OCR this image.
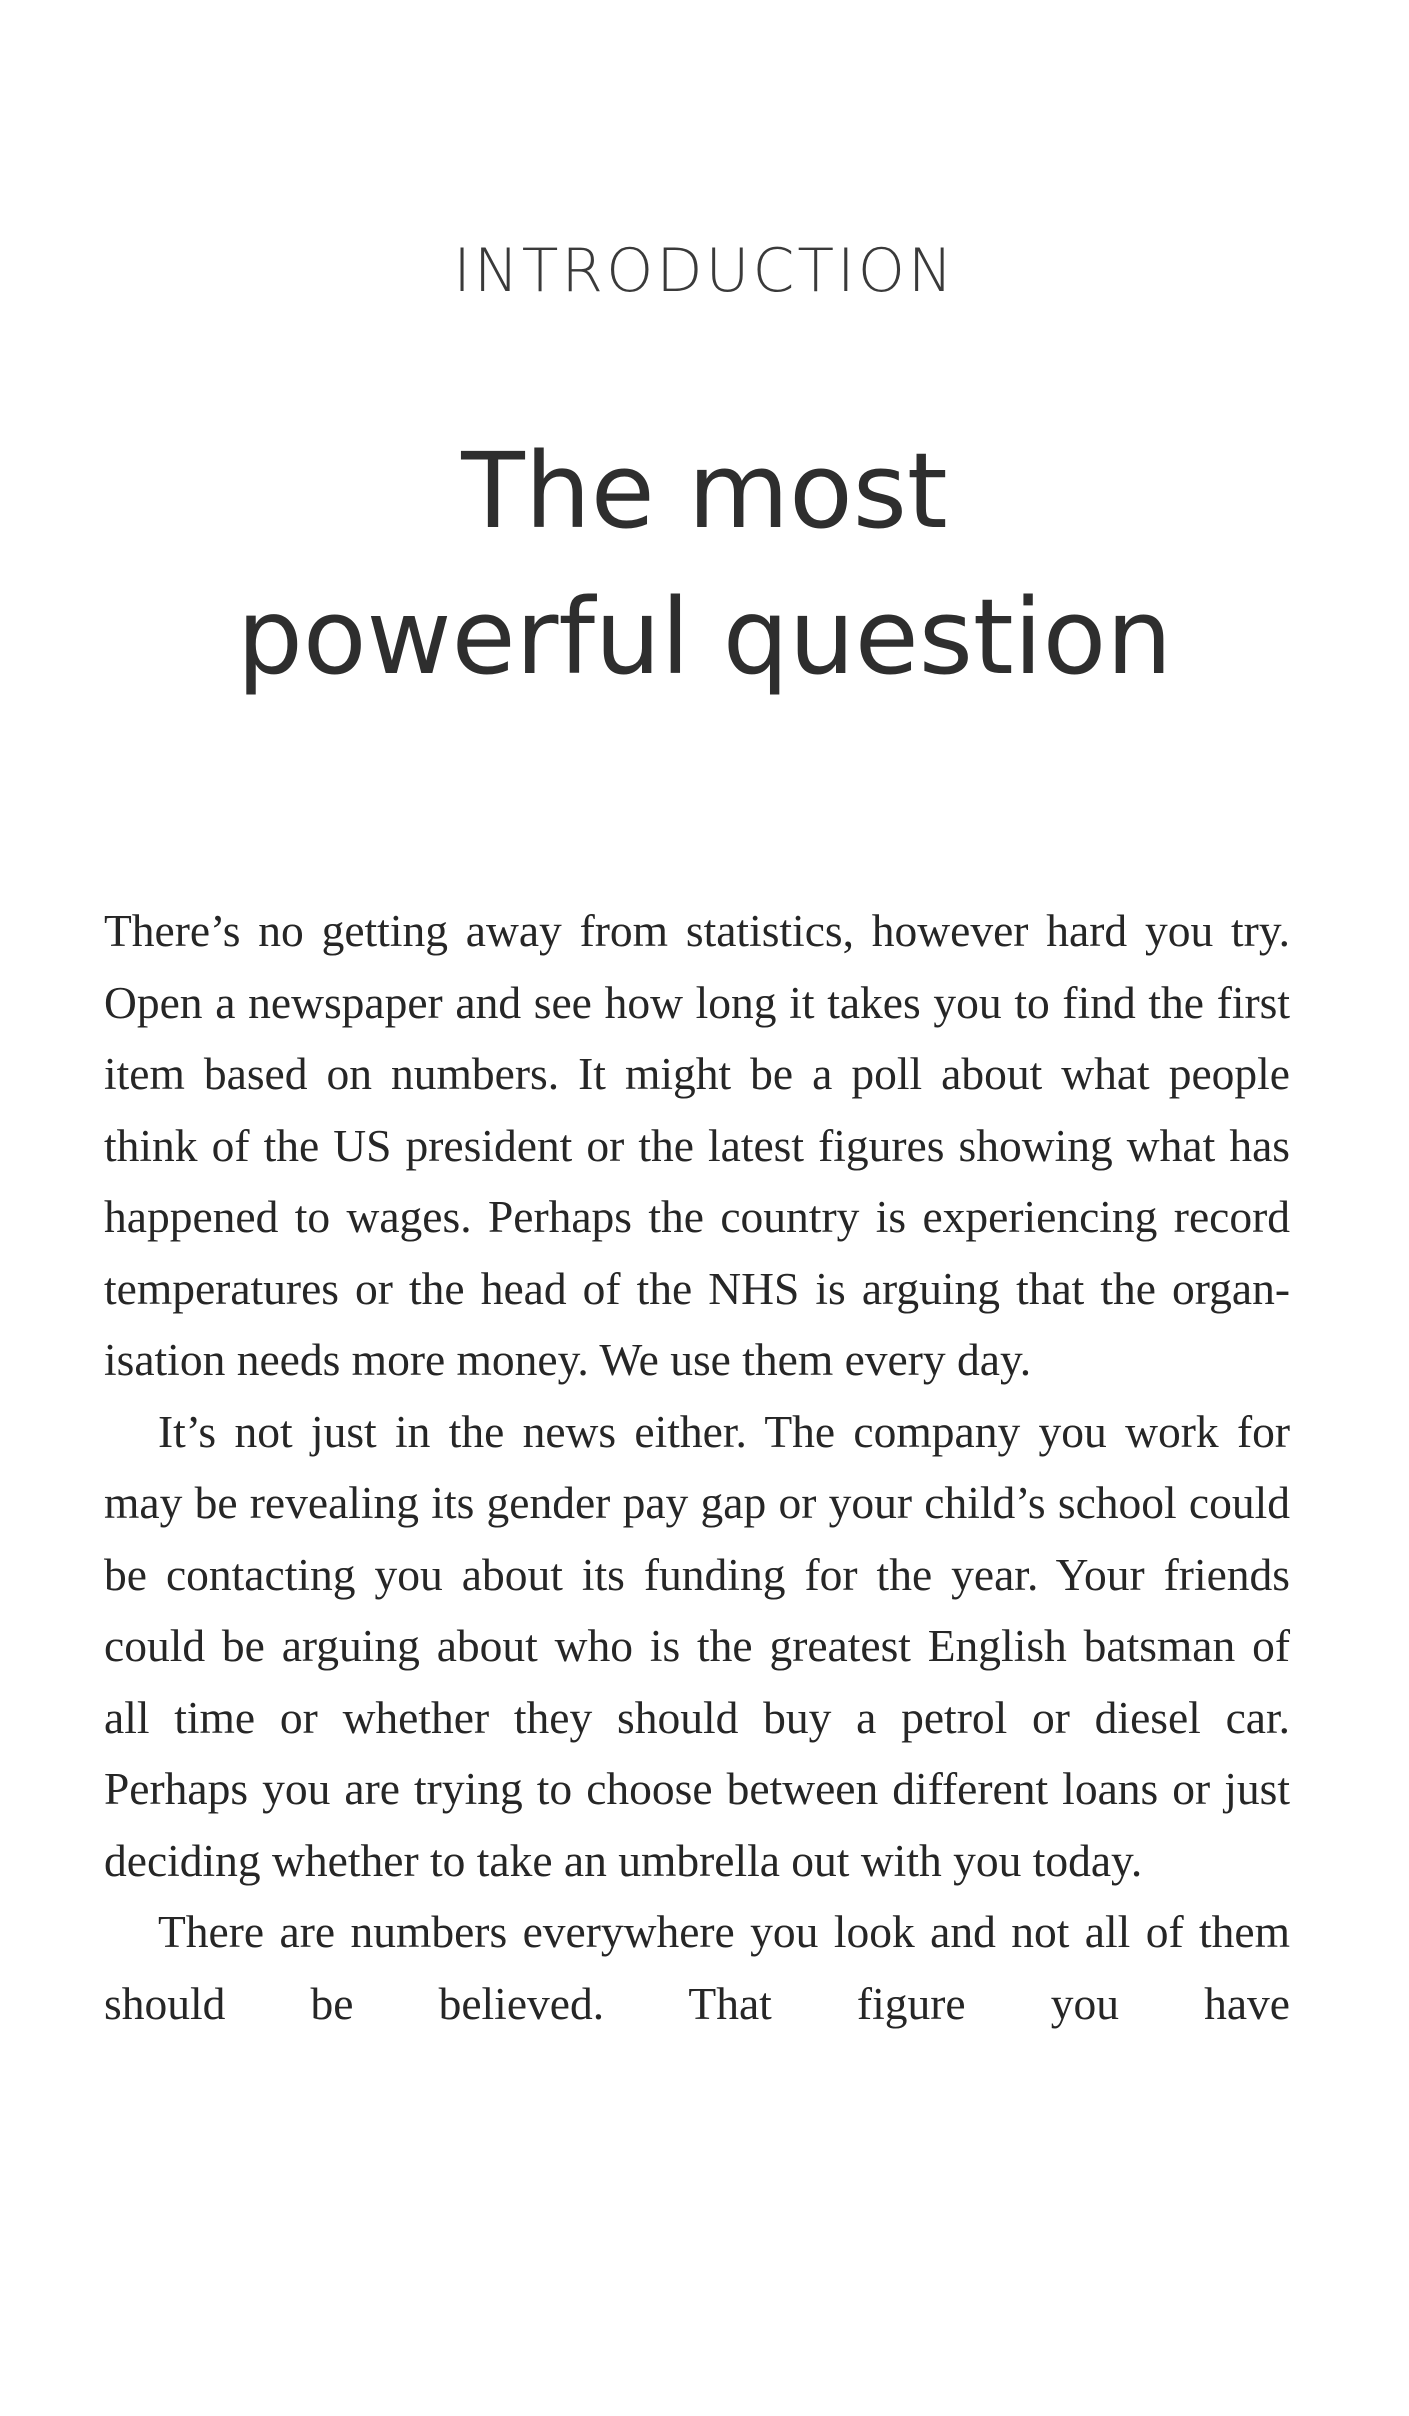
INTRODUCTION
The most
powerful question

There’s no getting away from statistics, however hard you try. Open a newspaper and see how long it takes you to find the first item based on numbers. It might be a poll about what people think of the US president or the latest figures showing what has happened to wages. Perhaps the country is experiencing record temperatures or the head of the NHS is arguing that the organisation needs more money. We use them every day.

It’s not just in the news either. The company you work for may be revealing its gender pay gap or your child’s school could be contacting you about its funding for the year. Your friends could be arguing about who is the greatest English batsman of all time or whether they should buy a petrol or diesel car. Perhaps you are trying to choose between different loans or just deciding whether to take an umbrella out with you today.

There are numbers everywhere you look and not all of them should be believed. That figure you have
